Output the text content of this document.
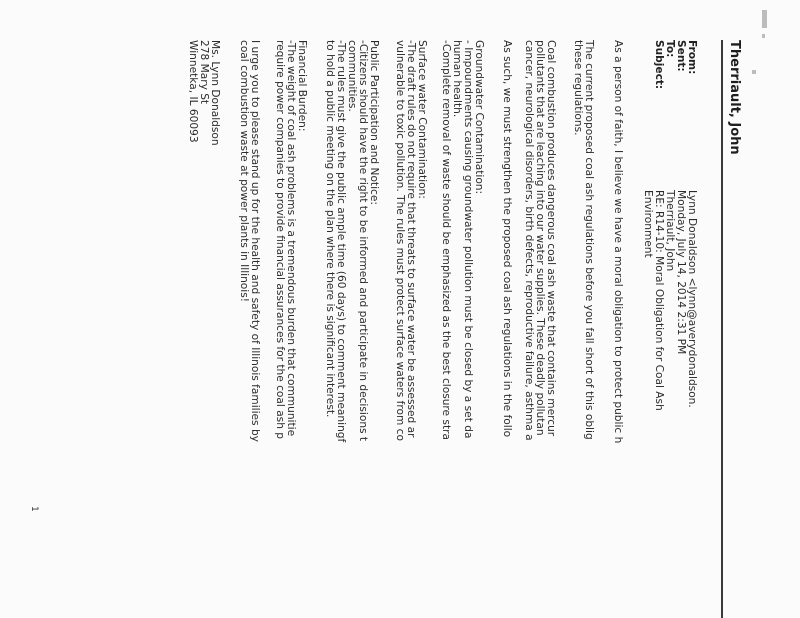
Therriault, John
From:
Lynn Donaldson <lynn@averydonaldson.
Sent:
Monday, July 14, 2014 2:31 PM
To:
Therriault, John
Subject:
RE: R14-10: Moral Obligation for Coal Ash
Environment
As a person of faith, I believe we have a moral obligation to protect public h
The current proposed coal ash regulations before you fall short of this oblig
these regulations.
Coal combustion produces dangerous coal ash waste that contains mercur
pollutants that are leaching into our water supplies. These deadly pollutan
cancer, neurological disorders, birth defects, reproductive failure, asthma a
As such, we must strengthen the proposed coal ash regulations in the follo
Groundwater Contamination:
- Impoundments causing groundwater pollution must be closed by a set da
human health.
-Complete removal of waste should be emphasized as the best closure stra
Surface water Contamination:
-The draft rules do not require that threats to surface water be assessed ar
vulnerable to toxic pollution. The rules must protect surface waters from co
Public Participation and Notice:
-Citizens should have the right to be informed and participate in decisions t
communities.
-The rules must give the public ample time (60 days) to comment meaningf
to hold a public meeting on the plan where there is significant interest.
Financial Burden:
-The weight of coal ash problems is a tremendous burden that communitie
require power companies to provide financial assurances for the coal ash p
I urge you to please stand up for the health and safety of Illinois families by
coal combustion waste at power plants in Illinois!
Ms. Lynn Donaldson
278 Mary St
Winnetka, IL 60093
1
